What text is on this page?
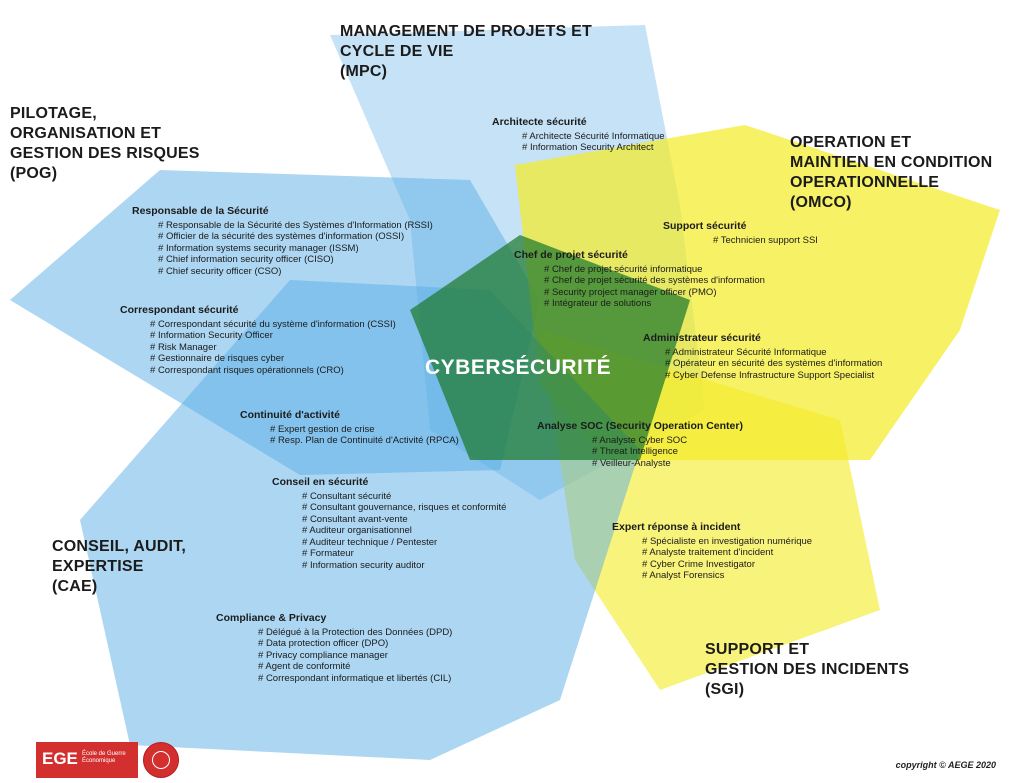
CYBERSÉCURITÉ
PILOTAGE,
ORGANISATION ET
GESTION DES RISQUES
(POG)
MANAGEMENT DE PROJETS ET
CYCLE DE VIE
(MPC)
OPERATION ET
MAINTIEN EN CONDITION
OPERATIONNELLE
(OMCO)
CONSEIL, AUDIT,
EXPERTISE
(CAE)
SUPPORT ET
GESTION DES INCIDENTS
(SGI)
Architecte sécurité
# Architecte Sécurité Informatique
# Information Security Architect
Responsable de la Sécurité
# Responsable de la Sécurité des Systèmes d'Information (RSSI)
# Officier de la sécurité des systèmes d'information (OSSI)
# Information systems security manager (ISSM)
# Chief information security officer (CISO)
# Chief security officer (CSO)
Support sécurité
# Technicien support SSI
Chef de projet sécurité
# Chef de projet sécurité informatique
# Chef de projet sécurité des systèmes d'information
# Security project manager officer (PMO)
# Intégrateur de solutions
Correspondant sécurité
# Correspondant sécurité du système d'information (CSSI)
# Information Security Officer
# Risk Manager
# Gestionnaire de risques cyber
# Correspondant risques opérationnels (CRO)
Administrateur sécurité
# Administrateur Sécurité Informatique
# Opérateur en sécurité des systèmes d'information
# Cyber Defense Infrastructure Support Specialist
Continuité d'activité
# Expert gestion de crise
# Resp. Plan de Continuité d'Activité (RPCA)
Analyse SOC (Security Operation Center)
# Analyste Cyber SOC
# Threat Intelligence
# Veilleur-Analyste
Conseil en sécurité
# Consultant sécurité
# Consultant gouvernance, risques et conformité
# Consultant avant-vente
# Auditeur organisationnel
# Auditeur technique / Pentester
# Formateur
# Information security auditor
Expert réponse à incident
# Spécialiste en investigation numérique
# Analyste traitement d'incident
# Cyber Crime Investigator
# Analyst Forensics
Compliance & Privacy
# Délégué à la Protection des Données (DPD)
# Data protection officer (DPO)
# Privacy compliance manager
# Agent de conformité
# Correspondant informatique et libertés (CIL)
EGE École de Guerre Économique	copyright © AEGE 2020
